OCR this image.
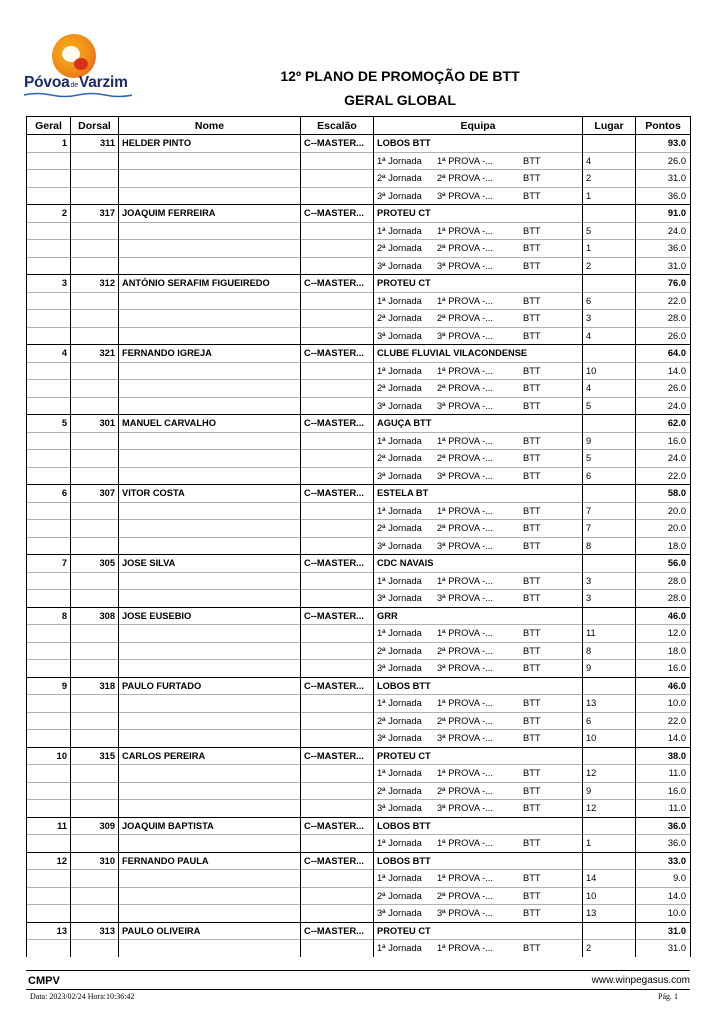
PóvoadeVarzim	12º PLANO DE PROMOÇÃO DE BTT
GERAL GLOBAL
Geral	Dorsal	Nome	Escalão	Equipa	Lugar	Pontos
1	311	HELDER PINTO	C--MASTER...	LOBOS BTT		93.0
				1ª Jornada 1ª PROVA -... BTT	4	26.0
				2ª Jornada 2ª PROVA -... BTT	2	31.0
				3ª Jornada 3ª PROVA -... BTT	1	36.0
2	317	JOAQUIM FERREIRA	C--MASTER...	PROTEU CT		91.0
				1ª Jornada 1ª PROVA -... BTT	5	24.0
				2ª Jornada 2ª PROVA -... BTT	1	36.0
				3ª Jornada 3ª PROVA -... BTT	2	31.0
3	312	ANTÓNIO SERAFIM FIGUEIREDO	C--MASTER...	PROTEU CT		76.0
				1ª Jornada 1ª PROVA -... BTT	6	22.0
				2ª Jornada 2ª PROVA -... BTT	3	28.0
				3ª Jornada 3ª PROVA -... BTT	4	26.0
4	321	FERNANDO IGREJA	C--MASTER...	CLUBE FLUVIAL VILACONDENSE		64.0
				1ª Jornada 1ª PROVA -... BTT	10	14.0
				2ª Jornada 2ª PROVA -... BTT	4	26.0
				3ª Jornada 3ª PROVA -... BTT	5	24.0
5	301	MANUEL CARVALHO	C--MASTER...	AGUÇA BTT		62.0
				1ª Jornada 1ª PROVA -... BTT	9	16.0
				2ª Jornada 2ª PROVA -... BTT	5	24.0
				3ª Jornada 3ª PROVA -... BTT	6	22.0
6	307	VITOR COSTA	C--MASTER...	ESTELA BT		58.0
				1ª Jornada 1ª PROVA -... BTT	7	20.0
				2ª Jornada 2ª PROVA -... BTT	7	20.0
				3ª Jornada 3ª PROVA -... BTT	8	18.0
7	305	JOSE SILVA	C--MASTER...	CDC NAVAIS		56.0
				1ª Jornada 1ª PROVA -... BTT	3	28.0
				3ª Jornada 3ª PROVA -... BTT	3	28.0
8	308	JOSE EUSEBIO	C--MASTER...	GRR		46.0
				1ª Jornada 1ª PROVA -... BTT	11	12.0
				2ª Jornada 2ª PROVA -... BTT	8	18.0
				3ª Jornada 3ª PROVA -... BTT	9	16.0
9	318	PAULO FURTADO	C--MASTER...	LOBOS BTT		46.0
				1ª Jornada 1ª PROVA -... BTT	13	10.0
				2ª Jornada 2ª PROVA -... BTT	6	22.0
				3ª Jornada 3ª PROVA -... BTT	10	14.0
10	315	CARLOS PEREIRA	C--MASTER...	PROTEU CT		38.0
				1ª Jornada 1ª PROVA -... BTT	12	11.0
				2ª Jornada 2ª PROVA -... BTT	9	16.0
				3ª Jornada 3ª PROVA -... BTT	12	11.0
11	309	JOAQUIM BAPTISTA	C--MASTER...	LOBOS BTT		36.0
				1ª Jornada 1ª PROVA -... BTT	1	36.0
12	310	FERNANDO PAULA	C--MASTER...	LOBOS BTT		33.0
				1ª Jornada 1ª PROVA -... BTT	14	9.0
				2ª Jornada 2ª PROVA -... BTT	10	14.0
				3ª Jornada 3ª PROVA -... BTT	13	10.0
13	313	PAULO OLIVEIRA	C--MASTER...	PROTEU CT		31.0
				1ª Jornada 1ª PROVA -... BTT	2	31.0
CMPV	www.winpegasus.com
Data: 2023/02/24 Hora:10:36:42	Pág. 1
